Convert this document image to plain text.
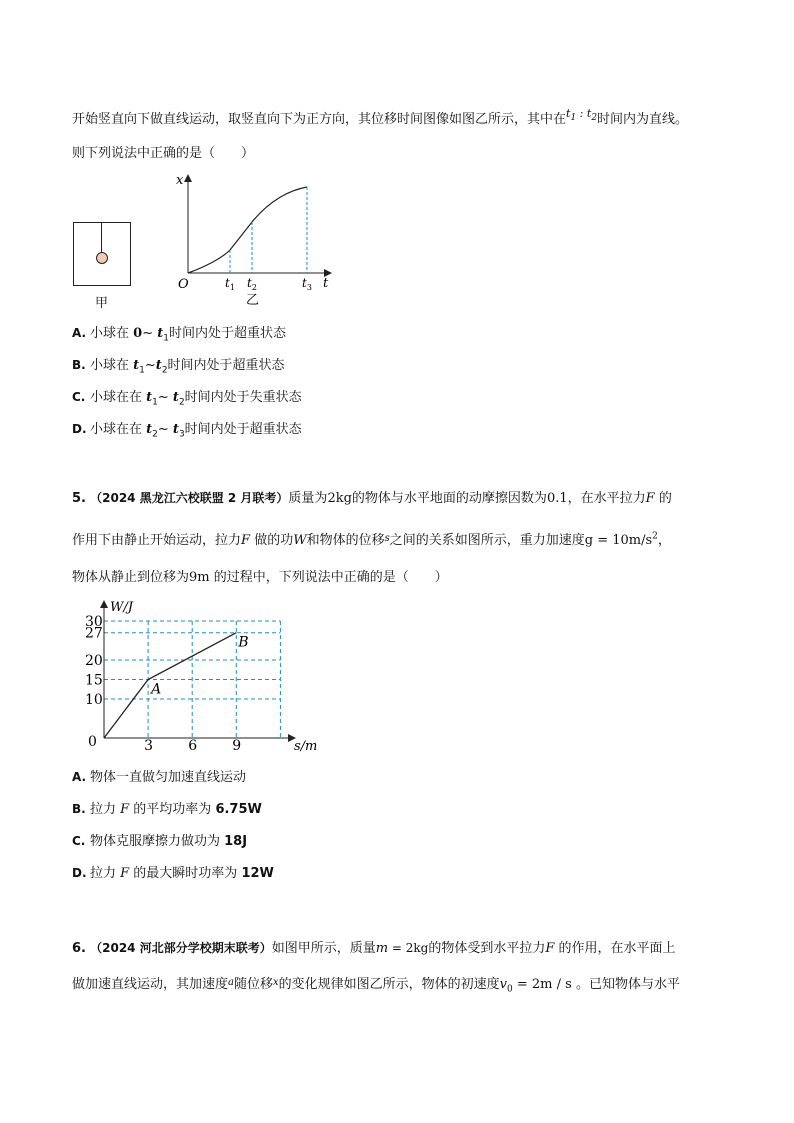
开始竖直向下做直线运动，取竖直向下为正方向，其位移时间图像如图乙所示，其中在$^{t_1 : t_2}$时间内为直线。
则下列说法中正确的是（　　）
甲
x
t
O	$t_1$ $t_2$	$t_3$
乙
A. 小球在 0~ $t_1$时间内处于超重状态
B. 小球在 $t_1\sim t_2$时间内处于超重状态
C. 小球在在 $t_1\sim$ $t_2$时间内处于失重状态
D. 小球在在 $t_2\sim$ $t_3$时间内处于超重状态
5. （2024 黑龙江六校联盟 2 月联考）质量为2kg的物体与水平地面的动摩擦因数为0.1，在水平拉力F 的
作用下由静止开始运动，拉力F 做的功W和物体的位移$^s$之间的关系如图所示，重力加速度$g = 10m/s^2$，
物体从静止到位移为9m 的过程中，下列说法中正确的是（　　）
10
15
20
27
30
3	6	9
A
B
W/J
s/m
0
A. 物体一直做匀加速直线运动
B. 拉力 F 的平均功率为 6.75W
C. 物体克服摩擦力做功为 18J
D. 拉力 F 的最大瞬时功率为 12W
6. （2024 河北部分学校期末联考）如图甲所示，质量m = 2kg的物体受到水平拉力F 的作用，在水平面上
做加速直线运动，其加速度$^a$随位移$^x$的变化规律如图乙所示，物体的初速度$v_0 = 2m / s$ 。已知物体与水平
